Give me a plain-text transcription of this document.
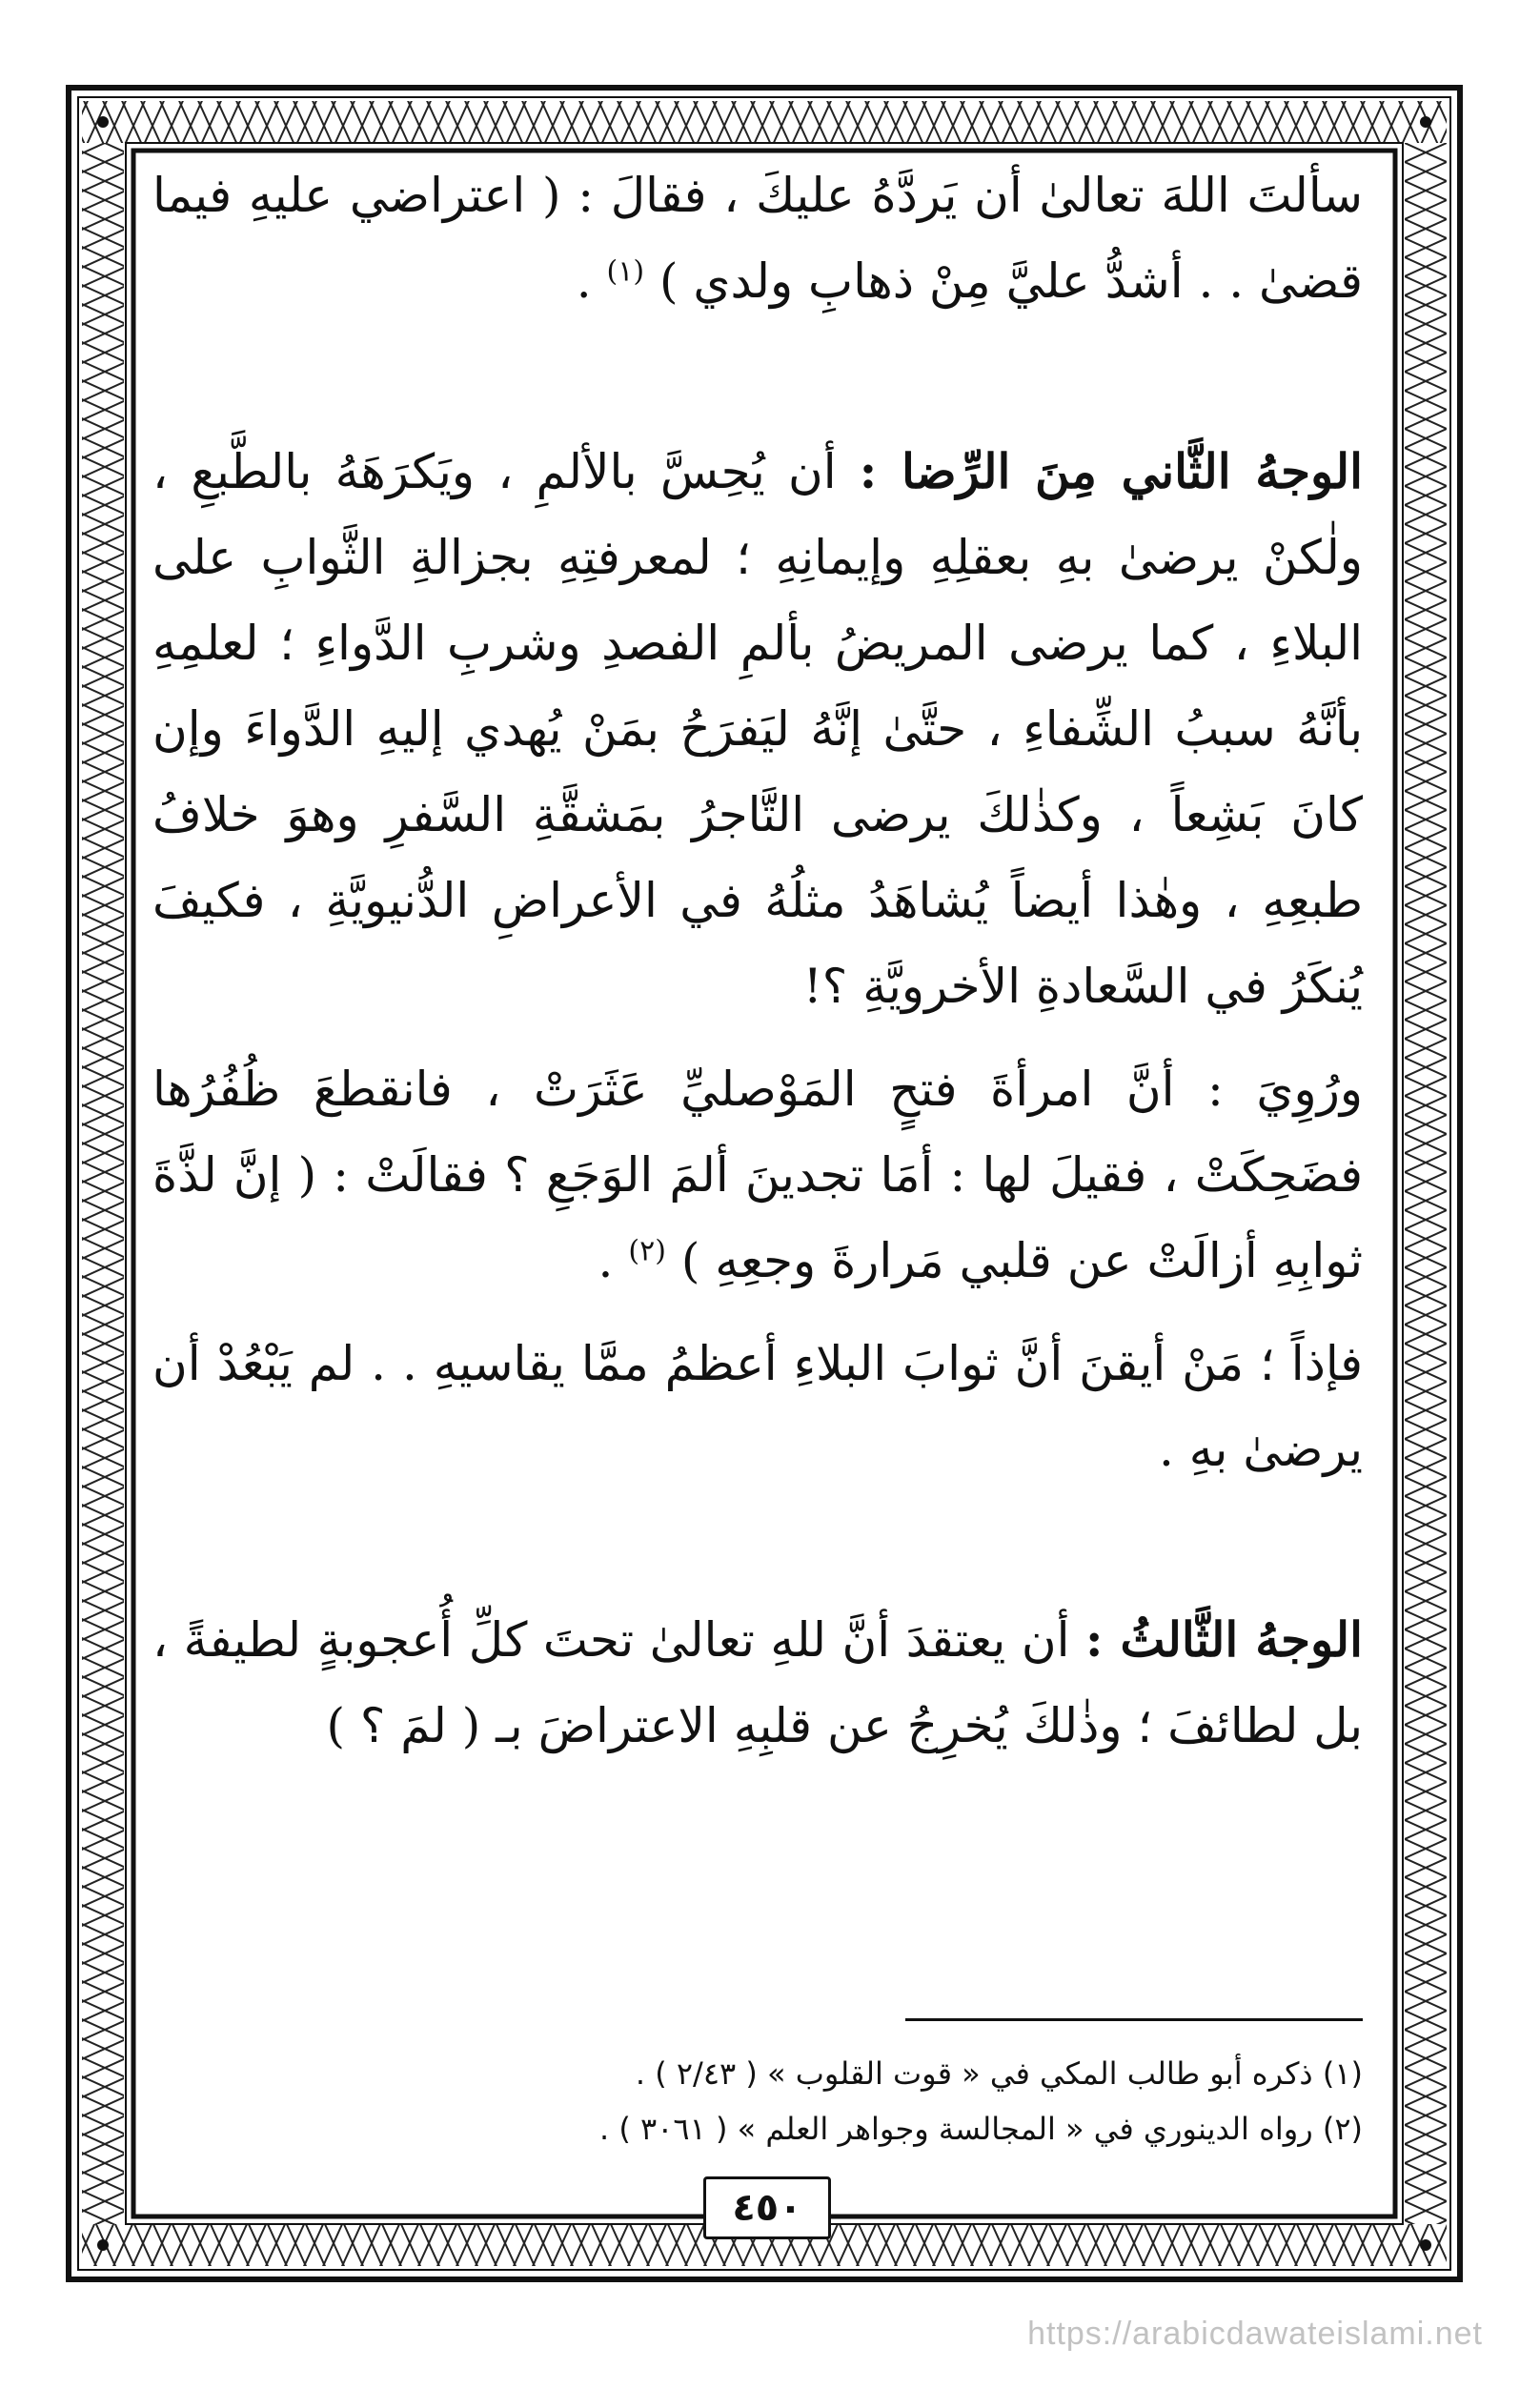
سألتَ اللهَ تعالىٰ أن يَردَّهُ عليكَ ، فقالَ : ( اعتراضي عليهِ فيما قضىٰ . . أشدُّ عليَّ مِنْ ذهابِ ولدي ) $^{(١)}$ .

الوجهُ الثَّاني مِنَ الرِّضا : أن يُحِسَّ بالألمِ ، ويَكرَهَهُ بالطَّبعِ ، ولٰكنْ يرضىٰ بهِ بعقلِهِ وإيمانِهِ ؛ لمعرفتِهِ بجزالةِ الثَّوابِ على البلاءِ ، كما يرضى المريضُ بألمِ الفصدِ وشربِ الدَّواءِ ؛ لعلمِهِ بأنَّهُ سببُ الشِّفاءِ ، حتَّىٰ إنَّهُ ليَفرَحُ بمَنْ يُهدي إليهِ الدَّواءَ وإن كانَ بَشِعاً ، وكذٰلكَ يرضى التَّاجرُ بمَشقَّةِ السَّفرِ وهوَ خلافُ طبعِهِ ، وهٰذا أيضاً يُشاهَدُ مثلُهُ في الأعراضِ الدُّنيويَّةِ ، فكيفَ يُنكَرُ في السَّعادةِ الأخرويَّةِ ؟!

ورُوِيَ : أنَّ امرأةَ فتحٍ المَوْصليِّ عَثَرَتْ ، فانقطعَ ظُفُرُها فضَحِكَتْ ، فقيلَ لها : أمَا تجدينَ ألمَ الوَجَعِ ؟ فقالَتْ : ( إنَّ لذَّةَ ثوابِهِ أزالَتْ عن قلبي مَرارةَ وجعِهِ ) $^{(٢)}$ .

فإذاً ؛ مَنْ أيقنَ أنَّ ثوابَ البلاءِ أعظمُ ممَّا يقاسيهِ . . لم يَبْعُدْ أن يرضىٰ بهِ .

الوجهُ الثَّالثُ : أن يعتقدَ أنَّ للهِ تعالىٰ تحتَ كلِّ أُعجوبةٍ لطيفةً ، بل لطائفَ ؛ وذٰلكَ يُخرِجُ عن قلبِهِ الاعتراضَ بـ ( لمَ ؟ )

(١) ذكره أبو طالب المكي في « قوت القلوب » ( ٢/٤٣ ) .

(٢) رواه الدينوري في « المجالسة وجواهر العلم » ( ٣٠٦١ ) .

٤٥٠
https://arabicdawateislami.net
